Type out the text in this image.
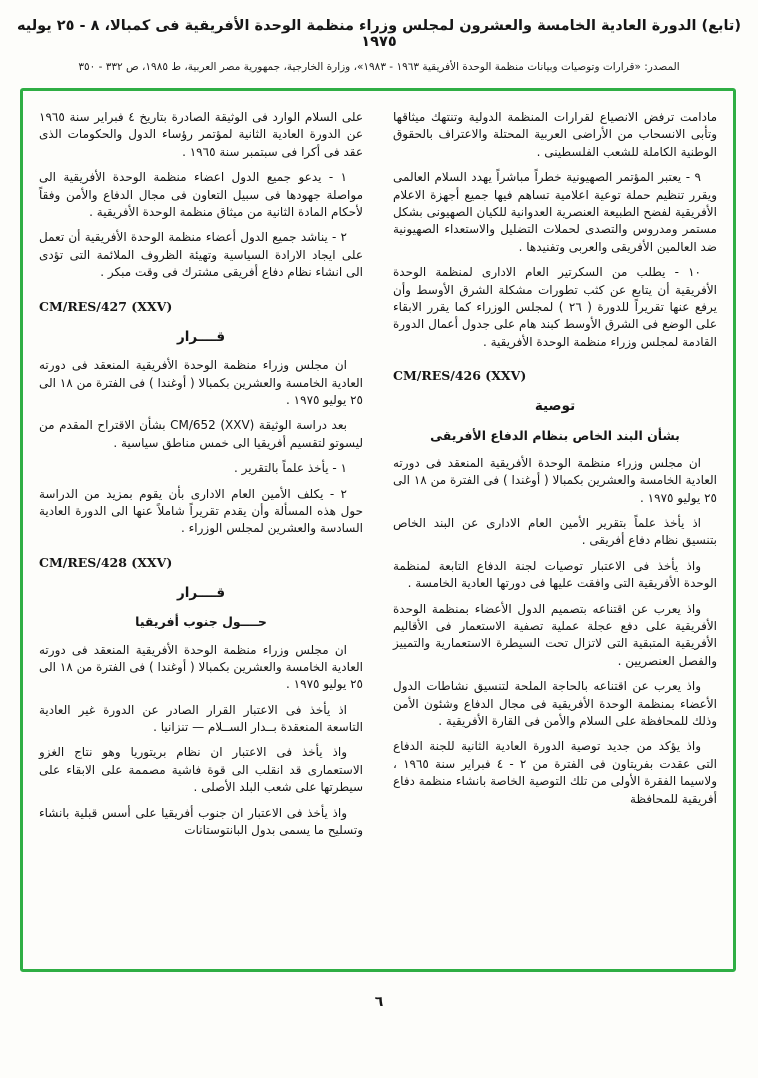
(تابع) الدورة العادية الخامسة والعشرون لمجلس وزراء منظمة الوحدة الأفريقية فى كمبالا، ٨ - ٢٥ يوليه ١٩٧٥
المصدر: «قرارات وتوصيات وبيانات منظمة الوحدة الأفريقية ١٩٦٣ - ١٩٨٣»، وزارة الخارجية، جمهورية مصر العربية، ط ١٩٨٥، ص ٣٣٢ - ٣٥٠

مادامت ترفض الانصياع لقرارات المنظمة الدولية وتنتهك ميثاقها وتأبى الانسحاب من الأراضى العربية المحتلة والاعتراف بالحقوق الوطنية الكاملة للشعب الفلسطينى .

٩ - يعتبر المؤتمر الصهيونية خطراً مباشراً يهدد السلام العالمى ويقرر تنظيم حملة توعية اعلامية تساهم فيها جميع أجهزة الاعلام الأفريقية لفضح الطبيعة العنصرية العدوانية للكيان الصهيونى بشكل مستمر ومدروس والتصدى لحملات التضليل والاستعداء الصهيونية ضد العالمين الأفريقى والعربى وتفنيدها .

١٠ - يطلب من السكرتير العام الادارى لمنظمة الوحدة الأفريقية أن يتابع عن كثب تطورات مشكلة الشرق الأوسط وأن يرفع عنها تقريراً للدورة ( ٢٦ ) لمجلس الوزراء كما يقرر الابقاء على الوضع فى الشرق الأوسط كبند هام على جدول أعمال الدورة القادمة لمجلس وزراء منظمة الوحدة الأفريقية .

CM/RES/426 (XXV)

توصية

بشأن البند الخاص بنظام الدفاع الأفريقى

ان مجلس وزراء منظمة الوحدة الأفريقية المنعقد فى دورته العادية الخامسة والعشرين بكمبالا ( أوغندا ) فى الفترة من ١٨ الى ٢٥ يوليو ١٩٧٥ .

اذ يأخذ علماً بتقرير الأمين العام الادارى عن البند الخاص بتنسيق نظام دفاع أفريقى .

واذ يأخذ فى الاعتبار توصيات لجنة الدفاع التابعة لمنظمة الوحدة الأفريقية التى وافقت عليها فى دورتها العادية الخامسة .

واذ يعرب عن اقتناعه بتصميم الدول الأعضاء بمنظمة الوحدة الأفريقية على دفع عجلة عملية تصفية الاستعمار فى الأقاليم الأفريقية المتبقية التى لاتزال تحت السيطرة الاستعمارية والتمييز والفصل العنصريين .

واذ يعرب عن اقتناعه بالحاجة الملحة لتنسيق نشاطات الدول الأعضاء بمنظمة الوحدة الأفريقية فى مجال الدفاع وشئون الأمن وذلك للمحافظة على السلام والأمن فى القارة الأفريقية .

واذ يؤكد من جديد توصية الدورة العادية الثانية للجنة الدفاع التى عقدت بفريتاون فى الفترة من ٢ - ٤ فبراير سنة ١٩٦٥ ، ولاسيما الفقرة الأولى من تلك التوصية الخاصة بانشاء منظمة دفاع أفريقية للمحافظة

على السلام الوارد فى الوثيقة الصادرة بتاريخ ٤ فبراير سنة ١٩٦٥ عن الدورة العادية الثانية لمؤتمر رؤساء الدول والحكومات الذى عقد فى أكرا فى سبتمبر سنة ١٩٦٥ .

١ - يدعو جميع الدول اعضاء منظمة الوحدة الأفريقية الى مواصلة جهودها فى سبيل التعاون فى مجال الدفاع والأمن وفقاً لأحكام المادة الثانية من ميثاق منظمة الوحدة الأفريقية .

٢ - يناشد جميع الدول أعضاء منظمة الوحدة الأفريقية أن تعمل على ايجاد الارادة السياسية وتهيئة الظروف الملائمة التى تؤدى الى انشاء نظام دفاع أفريقى مشترك فى وقت مبكر .

CM/RES/427 (XXV)

قــــرار

ان مجلس وزراء منظمة الوحدة الأفريقية المنعقد فى دورته العادية الخامسة والعشرين بكمبالا ( أوغندا ) فى الفترة من ١٨ الى ٢٥ يوليو ١٩٧٥ .

بعد دراسة الوثيقة CM/652 (XXV) بشأن الاقتراح المقدم من ليسوتو لتقسيم أفريقيا الى خمس مناطق سياسية .

١ - يأخذ علماً بالتقرير .

٢ - يكلف الأمين العام الادارى بأن يقوم بمزيد من الدراسة حول هذه المسألة وأن يقدم تقريراً شاملاً عنها الى الدورة العادية السادسة والعشرين لمجلس الوزراء .

CM/RES/428 (XXV)

قــــرار

حــــول جنوب أفريقيا

ان مجلس وزراء منظمة الوحدة الأفريقية المنعقد فى دورته العادية الخامسة والعشرين بكمبالا ( أوغندا ) فى الفترة من ١٨ الى ٢٥ يوليو ١٩٧٥ .

اذ يأخذ فى الاعتبار القرار الصادر عن الدورة غير العادية التاسعة المنعقدة بــدار الســلام — تنزانيا .

واذ يأخذ فى الاعتبار ان نظام بريتوريا وهو نتاج الغزو الاستعمارى قد انقلب الى قوة فاشية مصممة على الابقاء على سيطرتها على شعب البلد الأصلى .

واذ يأخذ فى الاعتبار ان جنوب أفريقيا على أسس قبلية بانشاء وتسليح ما يسمى بدول البانتوستانات

٦
